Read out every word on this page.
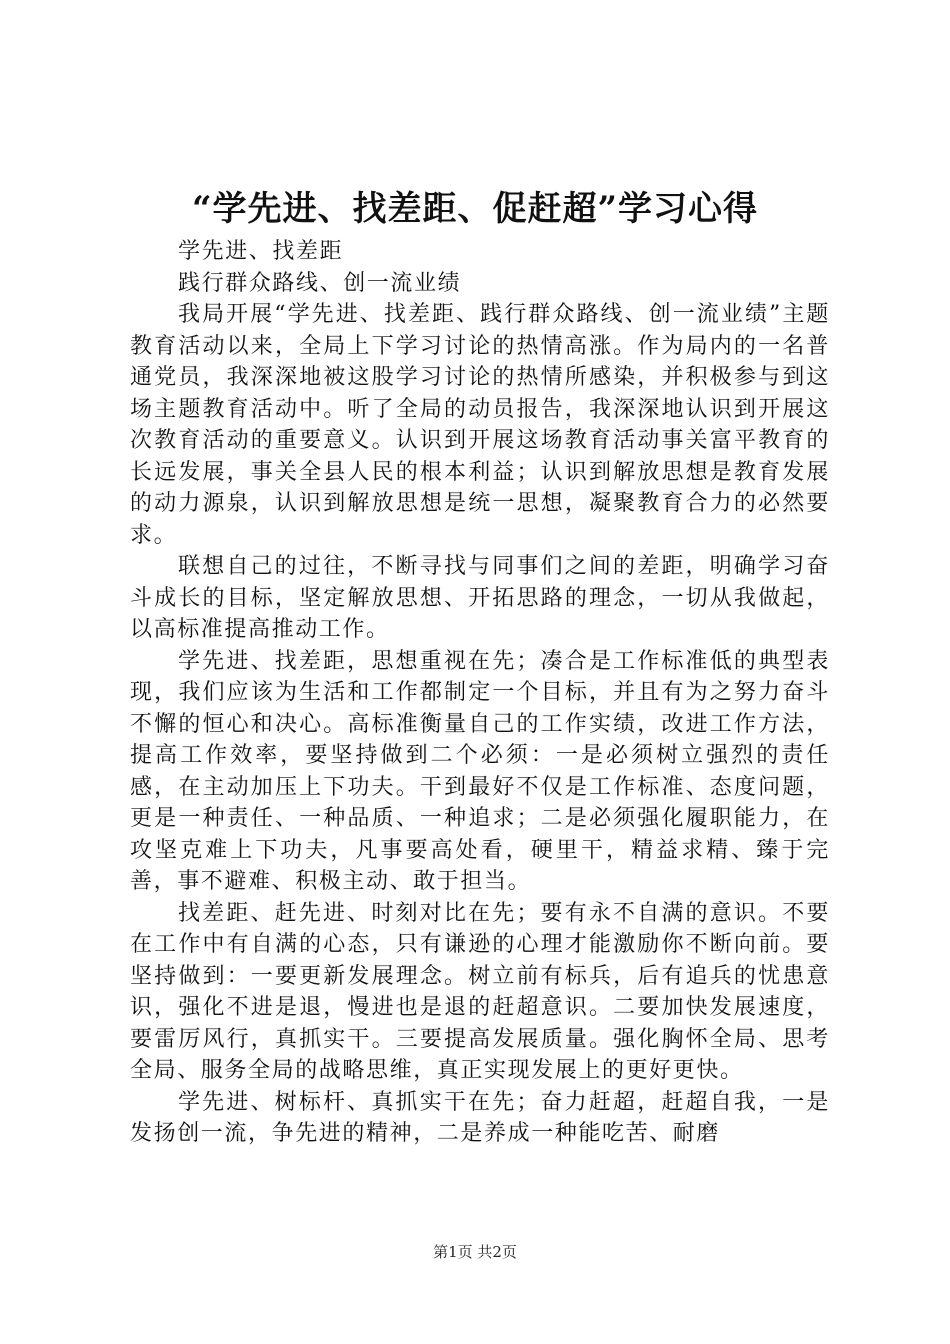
“学先进、找差距、促赶超”学习心得

学先进、找差距

践行群众路线、创一流业绩

我局开展“学先进、找差距、践行群众路线、创一流业绩”主题教育活动以来，全局上下学习讨论的热情高涨。作为局内的一名普通党员，我深深地被这股学习讨论的热情所感染，并积极参与到这场主题教育活动中。听了全局的动员报告，我深深地认识到开展这次教育活动的重要意义。认识到开展这场教育活动事关富平教育的长远发展，事关全县人民的根本利益；认识到解放思想是教育发展的动力源泉，认识到解放思想是统一思想，凝聚教育合力的必然要求。

联想自己的过往，不断寻找与同事们之间的差距，明确学习奋斗成长的目标，坚定解放思想、开拓思路的理念，一切从我做起，以高标准提高推动工作。

学先进、找差距，思想重视在先；凑合是工作标准低的典型表现，我们应该为生活和工作都制定一个目标，并且有为之努力奋斗不懈的恒心和决心。高标准衡量自己的工作实绩，改进工作方法，提高工作效率，要坚持做到二个必须：一是必须树立强烈的责任感，在主动加压上下功夫。干到最好不仅是工作标准、态度问题，更是一种责任、一种品质、一种追求；二是必须强化履职能力，在攻坚克难上下功夫，凡事要高处看，硬里干，精益求精、臻于完善，事不避难、积极主动、敢于担当。

找差距、赶先进、时刻对比在先；要有永不自满的意识。不要在工作中有自满的心态，只有谦逊的心理才能激励你不断向前。要坚持做到：一要更新发展理念。树立前有标兵，后有追兵的忧患意识，强化不进是退，慢进也是退的赶超意识。二要加快发展速度，要雷厉风行，真抓实干。三要提高发展质量。强化胸怀全局、思考全局、服务全局的战略思维，真正实现发展上的更好更快。

学先进、树标杆、真抓实干在先；奋力赶超，赶超自我，一是发扬创一流，争先进的精神，二是养成一种能吃苦、耐磨

第1页 共2页
